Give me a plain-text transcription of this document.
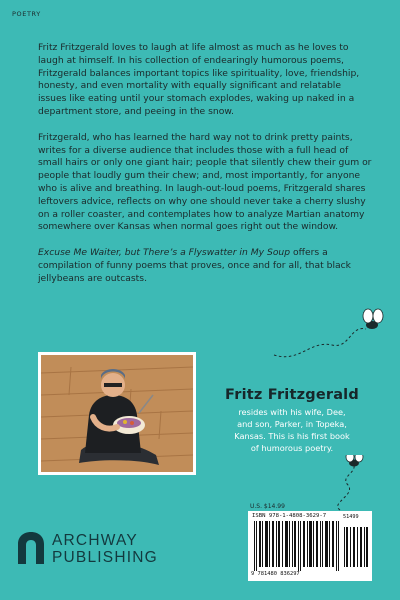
POETRY

Fritz Fritzgerald loves to laugh at life almost as much as he loves to laugh at himself. In his collection of endearingly humorous poems, Fritzgerald balances important topics like spirituality, love, friendship, honesty, and even mortality with equally significant and relatable issues like eating until your stomach explodes, waking up naked in a department store, and peeing in the snow.

Fritzgerald, who has learned the hard way not to drink pretty paints, writes for a diverse audience that includes those with a full head of small hairs or only one giant hair; people that silently chew their gum or people that loudly gum their chew; and, most importantly, for anyone who is alive and breathing. In laugh-out-loud poems, Fritzgerald shares leftovers advice, reflects on why one should never take a cherry slushy on a roller coaster, and contemplates how to analyze Martian anatomy somewhere over Kansas when normal goes right out the window.

Excuse Me Waiter, but There’s a Flyswatter in My Soup offers a compilation of funny poems that proves, once and for all, that black jellybeans are outcasts.

Fritz Fritzgerald
resides with his wife, Dee, and son, Parker, in Topeka, Kansas. This is his first book of humorous poetry.
ARCHWAY
PUBLISHING
U.S. $14.99
ISBN 978-1-4808-3629-7	51499
9 781480 836297
